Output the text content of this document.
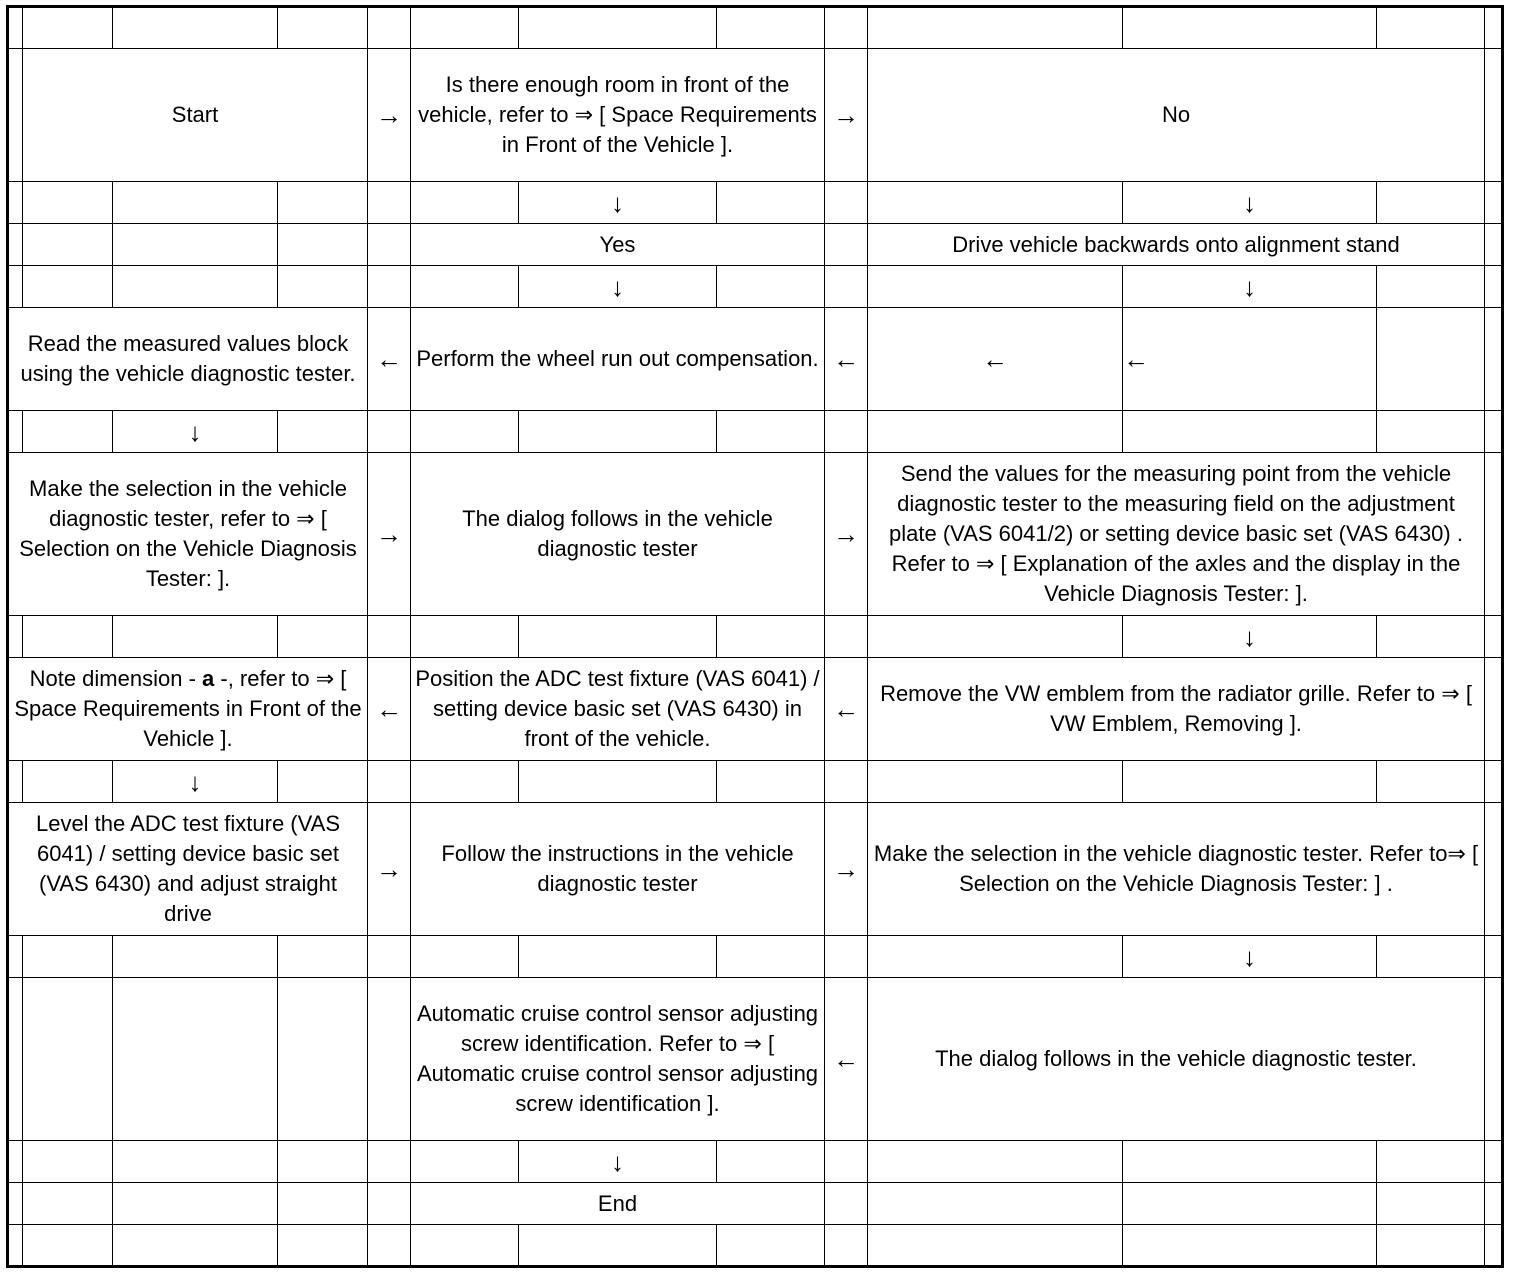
	Start			→	Is there enough room in front of the vehicle, refer to ⇒ [ Space Requirements in Front of the Vehicle ].			→	No			
						↓				↓		
					Yes				Drive vehicle backwards onto alignment stand			
						↓				↓		
Read the measured values block using the vehicle diagnostic tester.				←	Perform the wheel run out compensation.			←	←	←		
		↓										
Make the selection in the vehicle diagnostic tester, refer to ⇒ [ Selection on the Vehicle Diagnosis Tester: ].				→	The dialog follows in the vehicle diagnostic tester			→	Send the values for the measuring point from the vehicle diagnostic tester to the measuring field on the adjustment plate (VAS 6041/2) or setting device basic set (VAS 6430) . Refer to ⇒ [ Explanation of the axles and the display in the Vehicle Diagnosis Tester: ].			
										↓		
Note dimension - a -, refer to ⇒ [ Space Requirements in Front of the Vehicle ].				←	Position the ADC test fixture (VAS 6041) / setting device basic set (VAS 6430) in front of the vehicle.			←	Remove the VW emblem from the radiator grille. Refer to ⇒ [ VW Emblem, Removing ].			
		↓										
Level the ADC test fixture (VAS 6041) / setting device basic set (VAS 6430) and adjust straight drive				→	Follow the instructions in the vehicle diagnostic tester			→	Make the selection in the vehicle diagnostic tester. Refer to⇒ [ Selection on the Vehicle Diagnosis Tester: ] .			
										↓		
					Automatic cruise control sensor adjusting screw identification. Refer to ⇒ [ Automatic cruise control sensor adjusting screw identification ].			←	The dialog follows in the vehicle diagnostic tester.			
						↓						
					End							
